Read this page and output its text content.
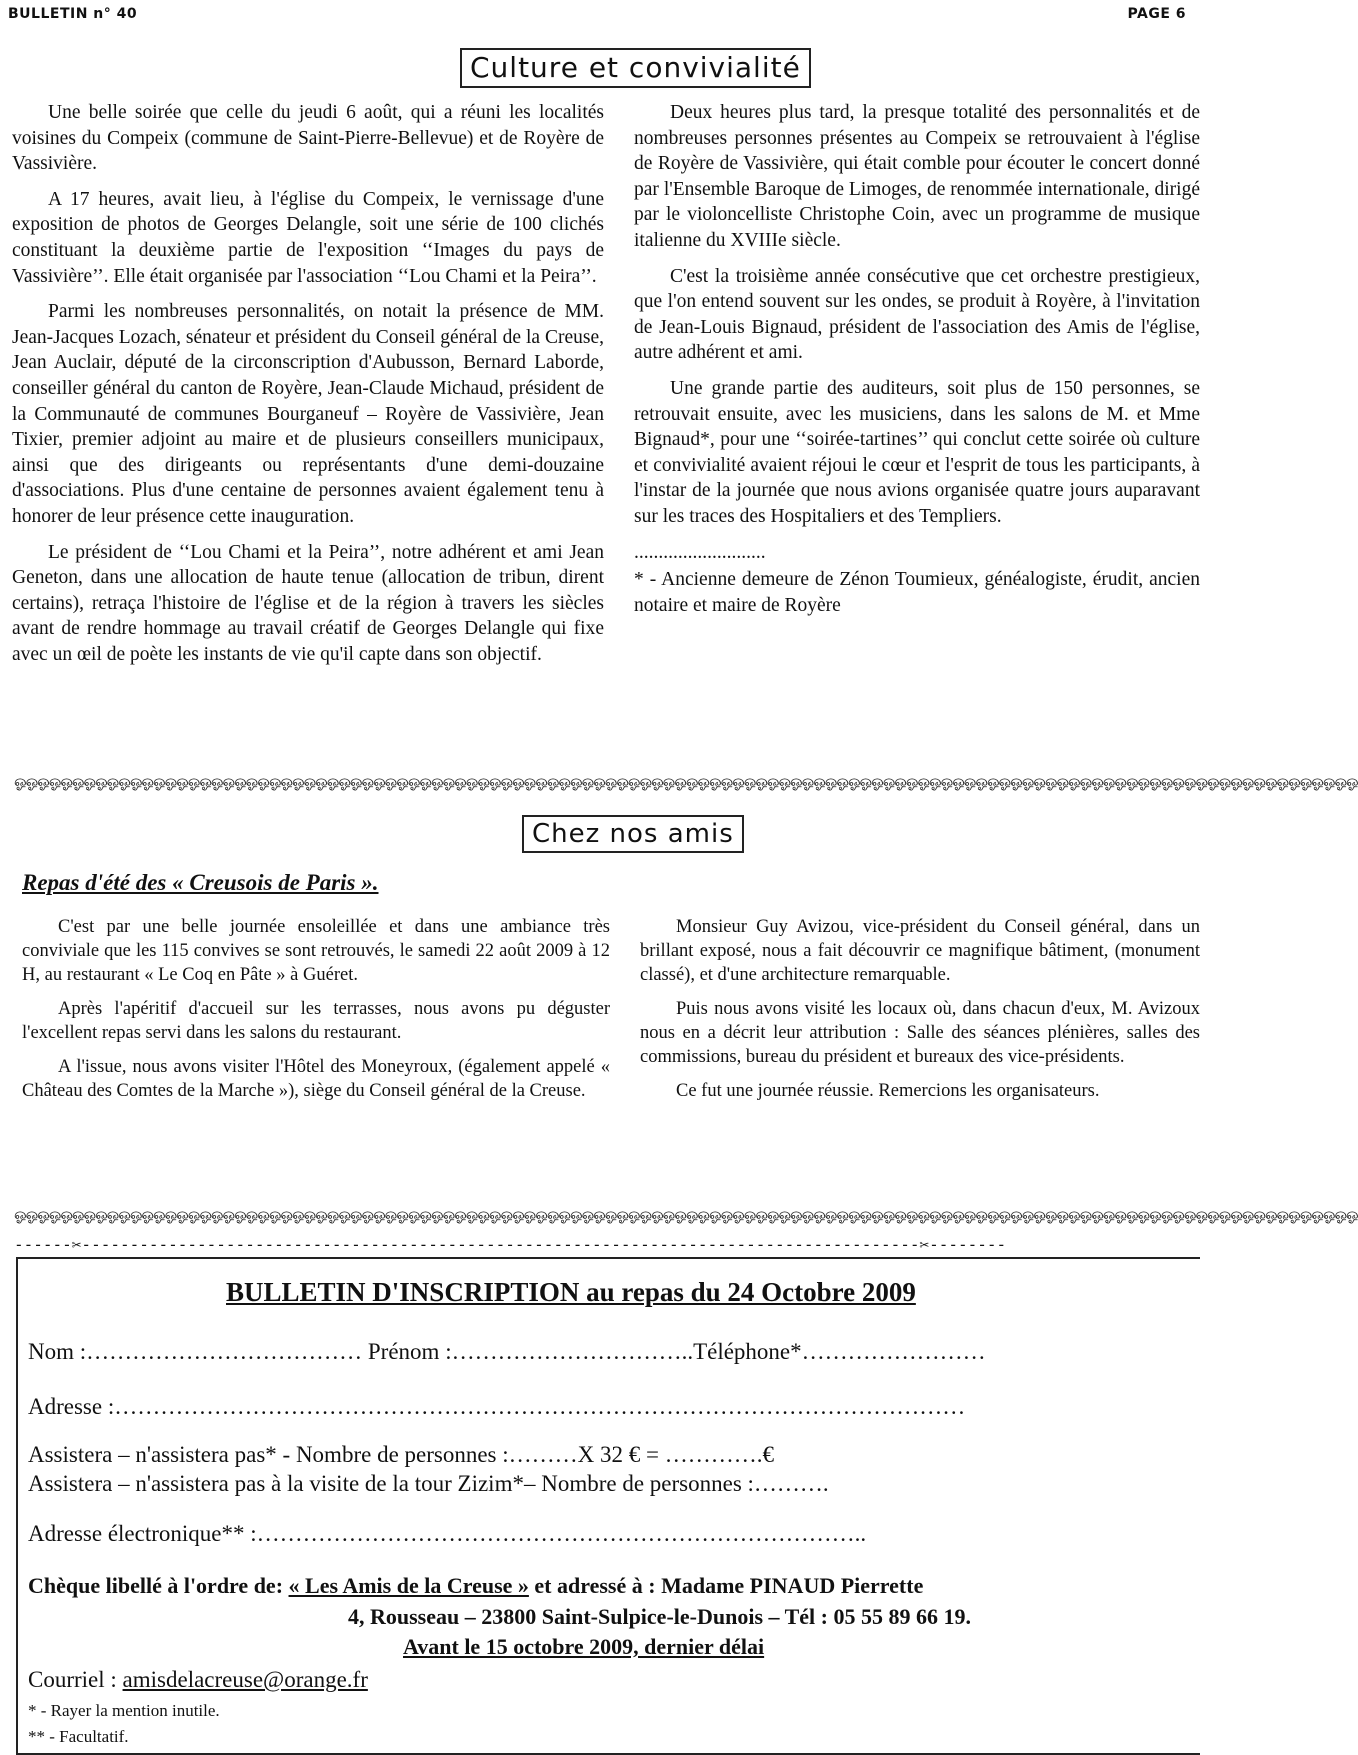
BULLETIN n° 40	PAGE 6
Culture et convivialité

Une belle soirée que celle du jeudi 6 août, qui a réuni les localités voisines du Compeix (commune de Saint-Pierre-Bellevue) et de Royère de Vassivière.

A 17 heures, avait lieu, à l'église du Compeix, le vernissage d'une exposition de photos de Georges Delangle, soit une série de 100 clichés constituant la deuxième partie de l'exposition ‘‘Images du pays de Vassivière’’. Elle était organisée par l'association ‘‘Lou Chami et la Peira’’.

Parmi les nombreuses personnalités, on notait la présence de MM. Jean-Jacques Lozach, sénateur et président du Conseil général de la Creuse, Jean Auclair, député de la circonscription d'Aubusson, Bernard Laborde, conseiller général du canton de Royère, Jean-Claude Michaud, président de la Communauté de communes Bourganeuf – Royère de Vassivière, Jean Tixier, premier adjoint au maire et de plusieurs conseillers municipaux, ainsi que des dirigeants ou représentants d'une demi-douzaine d'associations. Plus d'une centaine de personnes avaient également tenu à honorer de leur présence cette inauguration.

Le président de ‘‘Lou Chami et la Peira’’, notre adhérent et ami Jean Geneton, dans une allocation de haute tenue (allocation de tribun, dirent certains), retraça l'histoire de l'église et de la région à travers les siècles avant de rendre hommage au travail créatif de Georges Delangle qui fixe avec un œil de poète les instants de vie qu'il capte dans son objectif.

Deux heures plus tard, la presque totalité des personnalités et de nombreuses personnes présentes au Compeix se retrouvaient à l'église de Royère de Vassivière, qui était comble pour écouter le concert donné par l'Ensemble Baroque de Limoges, de renommée internationale, dirigé par le violoncelliste Christophe Coin, avec un programme de musique italienne du XVIIIe siècle.

C'est la troisième année consécutive que cet orchestre prestigieux, que l'on entend souvent sur les ondes, se produit à Royère, à l'invitation de Jean-Louis Bignaud, président de l'association des Amis de l'église, autre adhérent et ami.

Une grande partie des auditeurs, soit plus de 150 personnes, se retrouvait ensuite, avec les musiciens, dans les salons de M. et Mme Bignaud*, pour une ‘‘soirée-tartines’’ qui conclut cette soirée où culture et convivialité avaient réjoui le cœur et l'esprit de tous les participants, à l'instar de la journée que nous avions organisée quatre jours auparavant sur les traces des Hospitaliers et des Templiers.

...........................

* - Ancienne demeure de Zénon Toumieux, généalogiste, érudit, ancien notaire et maire de Royère

ஓஓஓஓஓஓஓஓஓஓஓஓஓஓஓஓஓஓஓஓஓஓஓஓஓஓஓஓஓஓஓஓஓஓஓஓஓஓஓஓஓஓஓஓஓஓஓஓஓஓஓஓஓஓஓஓஓஓஓஓஓஓஓஓஓஓஓஓஓஓஓஓஓஓஓஓஓஓஓஓஓஓஓஓஓஓஓஓஓஓஓஓஓஓஓஓஓஓஓஓஓஓஓஓஓஓஓஓஓஓஓஓஓஓஓஓ
Chez nos amis
Repas d'été des « Creusois de Paris ».

C'est par une belle journée ensoleillée et dans une ambiance très conviviale que les 115 convives se sont retrouvés, le samedi 22 août 2009 à 12 H, au restaurant « Le Coq en Pâte » à Guéret.

Après l'apéritif d'accueil sur les terrasses, nous avons pu déguster l'excellent repas servi dans les salons du restaurant.

A l'issue, nous avons visiter l'Hôtel des Moneyroux, (également appelé « Château des Comtes de la Marche »), siège du Conseil général de la Creuse.

Monsieur Guy Avizou, vice-président du Conseil général, dans un brillant exposé, nous a fait découvrir ce magnifique bâtiment, (monument classé), et d'une architecture remarquable.

Puis nous avons visité les locaux où, dans chacun d'eux, M. Avizoux nous en a décrit leur attribution : Salle des séances plénières, salles des commissions, bureau du président et bureaux des vice-présidents.

Ce fut une journée réussie. Remercions les organisateurs.

ஓஓஓஓஓஓஓஓஓஓஓஓஓஓஓஓஓஓஓஓஓஓஓஓஓஓஓஓஓஓஓஓஓஓஓஓஓஓஓஓஓஓஓஓஓஓஓஓஓஓஓஓஓஓஓஓஓஓஓஓஓஓஓஓஓஓஓஓஓஓஓஓஓஓஓஓஓஓஓஓஓஓஓஓஓஓஓஓஓஓஓஓஓஓஓஓஓஓஓஓஓஓஓஓஓஓஓஓஓஓஓஓஓஓஓஓ
------✂---------------------------------------------------------------------------------------✂--------
BULLETIN D'INSCRIPTION au repas du 24 Octobre 2009
Nom :……………………………… Prénom :…………………………..Téléphone*……………………
Adresse :…………………………………………………………………………………………………
Assistera – n'assistera pas* - Nombre de personnes :………X 32 € = ………….€
Assistera – n'assistera pas à la visite de la tour Zizim*– Nombre de personnes :……….
Adresse électronique** :……………………………………………………………………..
Chèque libellé à l'ordre de: « Les Amis de la Creuse » et adressé à : Madame PINAUD Pierrette
4, Rousseau – 23800 Saint-Sulpice-le-Dunois – Tél : 05 55 89 66 19.
Avant le 15 octobre 2009, dernier délai
Courriel : amisdelacreuse@orange.fr
* - Rayer la mention inutile.
** - Facultatif.
